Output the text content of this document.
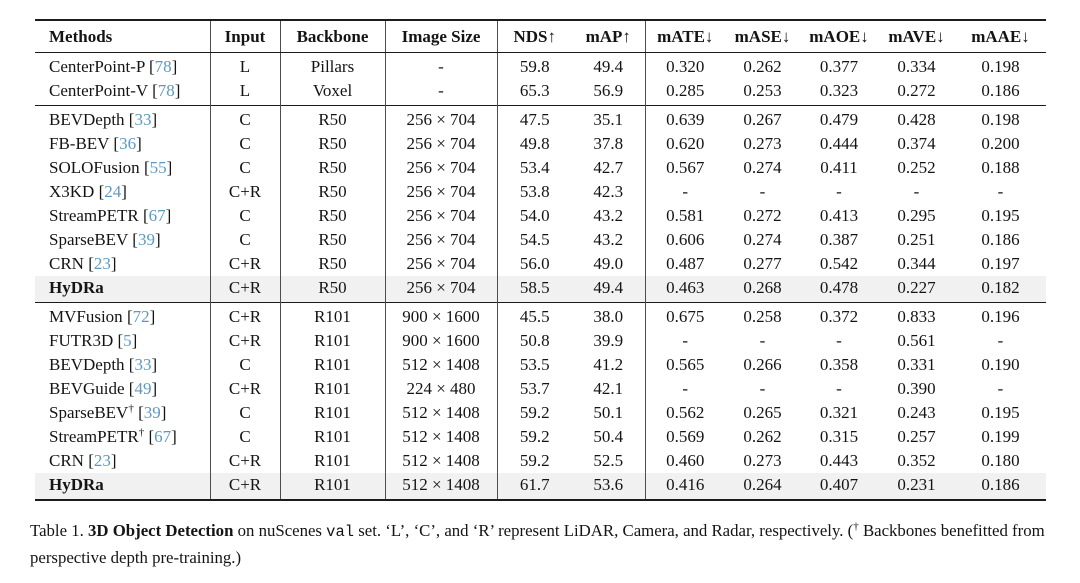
Methods	Input	Backbone	Image Size	NDS↑	mAP↑	mATE↓	mASE↓	mAOE↓	mAVE↓	mAAE↓
CenterPoint-P [78]	L	Pillars	-	59.8	49.4	0.320	0.262	0.377	0.334	0.198
CenterPoint-V [78]	L	Voxel	-	65.3	56.9	0.285	0.253	0.323	0.272	0.186
BEVDepth [33]	C	R50	256 × 704	47.5	35.1	0.639	0.267	0.479	0.428	0.198
FB-BEV [36]	C	R50	256 × 704	49.8	37.8	0.620	0.273	0.444	0.374	0.200
SOLOFusion [55]	C	R50	256 × 704	53.4	42.7	0.567	0.274	0.411	0.252	0.188
X3KD [24]	C+R	R50	256 × 704	53.8	42.3	-	-	-	-	-
StreamPETR [67]	C	R50	256 × 704	54.0	43.2	0.581	0.272	0.413	0.295	0.195
SparseBEV [39]	C	R50	256 × 704	54.5	43.2	0.606	0.274	0.387	0.251	0.186
CRN [23]	C+R	R50	256 × 704	56.0	49.0	0.487	0.277	0.542	0.344	0.197
HyDRa	C+R	R50	256 × 704	58.5	49.4	0.463	0.268	0.478	0.227	0.182
MVFusion [72]	C+R	R101	900 × 1600	45.5	38.0	0.675	0.258	0.372	0.833	0.196
FUTR3D [5]	C+R	R101	900 × 1600	50.8	39.9	-	-	-	0.561	-
BEVDepth [33]	C	R101	512 × 1408	53.5	41.2	0.565	0.266	0.358	0.331	0.190
BEVGuide [49]	C+R	R101	224 × 480	53.7	42.1	-	-	-	0.390	-
SparseBEV† [39]	C	R101	512 × 1408	59.2	50.1	0.562	0.265	0.321	0.243	0.195
StreamPETR† [67]	C	R101	512 × 1408	59.2	50.4	0.569	0.262	0.315	0.257	0.199
CRN [23]	C+R	R101	512 × 1408	59.2	52.5	0.460	0.273	0.443	0.352	0.180
HyDRa	C+R	R101	512 × 1408	61.7	53.6	0.416	0.264	0.407	0.231	0.186

Table 1. 3D Object Detection on nuScenes val set. ‘L’, ‘C’, and ‘R’ represent LiDAR, Camera, and Radar, respectively. († Backbones benefitted from perspective depth pre-training.)
